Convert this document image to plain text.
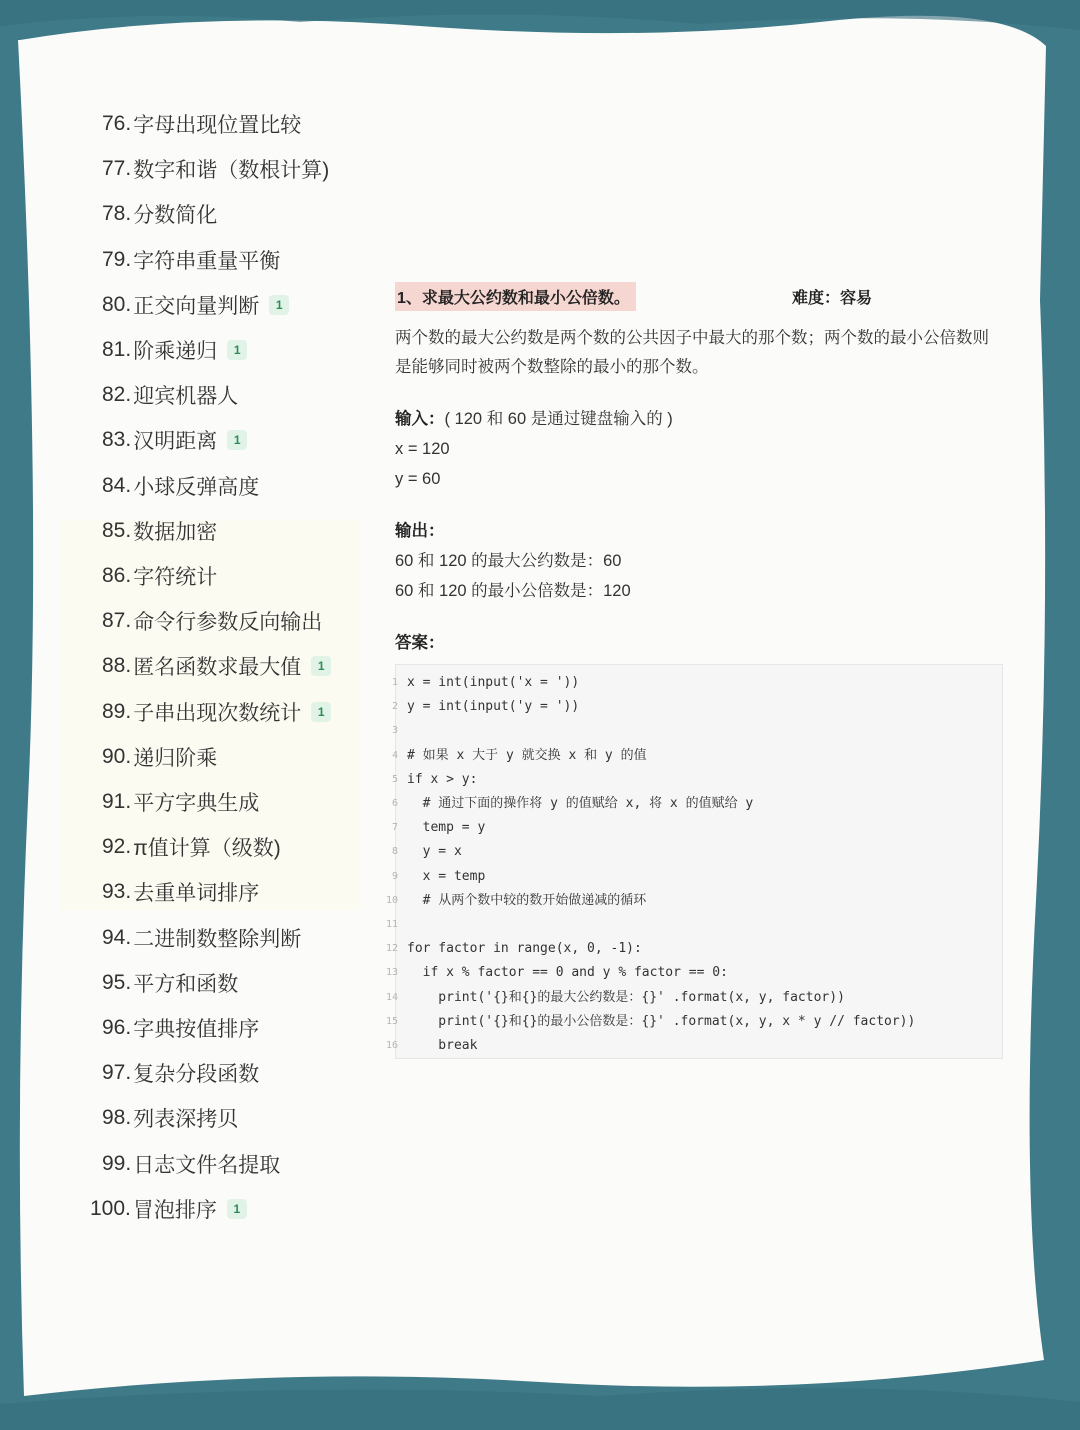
76. 字母出现位置比较
77. 数字和谐（数根计算)
78. 分数简化
79. 字符串重量平衡
80. 正交向量判断	1
81. 阶乘递归	1
82. 迎宾机器人
83. 汉明距离	1
84. 小球反弹高度
85. 数据加密
86. 字符统计
87. 命令行参数反向输出
88. 匿名函数求最大值	1
89. 子串出现次数统计	1
90. 递归阶乘
91. 平方字典生成
92. π值计算（级数)
93. 去重单词排序
94. 二进制数整除判断
95. 平方和函数
96. 字典按值排序
97. 复杂分段函数
98. 列表深拷贝
99. 日志文件名提取
100. 冒泡排序	1
1、求最大公约数和最小公倍数。	难度：容易
两个数的最大公约数是两个数的公共因子中最大的那个数；两个数的最小公倍数则是能够同时被两个数整除的最小的那个数。
输入：( 120 和 60 是通过键盘输入的 )
x = 120
y = 60
输出：
60 和 120 的最大公约数是：60
60 和 120 的最小公倍数是：120
答案：
1 x = int(input('x = '))
2 y = int(input('y = '))
3
4 # 如果 x 大于 y 就交换 x 和 y 的值
5 if x > y:
6 # 通过下面的操作将 y 的值赋给 x, 将 x 的值赋给 y
7 temp = y
8 y = x
9 x = temp
10 # 从两个数中较的数开始做递减的循环
11
12 for factor in range(x, 0, -1):
13 if x % factor == 0 and y % factor == 0:
14 print('{}和{}的最大公约数是：{}' .format(x, y, factor))
15 print('{}和{}的最小公倍数是：{}' .format(x, y, x * y // factor))
16 break
